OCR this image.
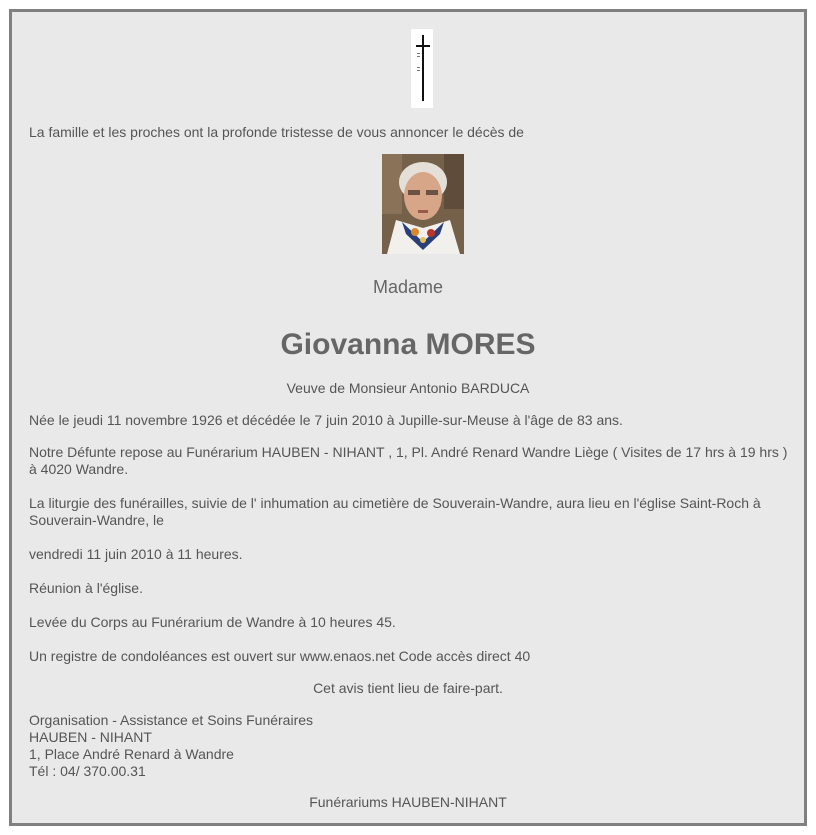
La famille et les proches ont la profonde tristesse de vous annoncer le décès de
Madame
Giovanna MORES
Veuve de Monsieur Antonio BARDUCA
Née le jeudi 11 novembre 1926 et décédée le 7 juin 2010 à Jupille-sur-Meuse à l'âge de 83 ans.
Notre Défunte repose au Funérarium HAUBEN - NIHANT , 1, Pl. André Renard Wandre Liège ( Visites de 17 hrs à 19 hrs ) à 4020 Wandre.
La liturgie des funérailles, suivie de l' inhumation au cimetière de Souverain-Wandre, aura lieu en l'église Saint-Roch à Souverain-Wandre, le
vendredi 11 juin 2010 à 11 heures.
Réunion à l'église.
Levée du Corps au Funérarium de Wandre à 10 heures 45.
Un registre de condoléances est ouvert sur www.enaos.net Code accès direct 40
Cet avis tient lieu de faire-part.
Organisation - Assistance et Soins Funéraires
HAUBEN - NIHANT
1, Place André Renard à Wandre
Tél : 04/ 370.00.31
Funérariums HAUBEN-NIHANT
